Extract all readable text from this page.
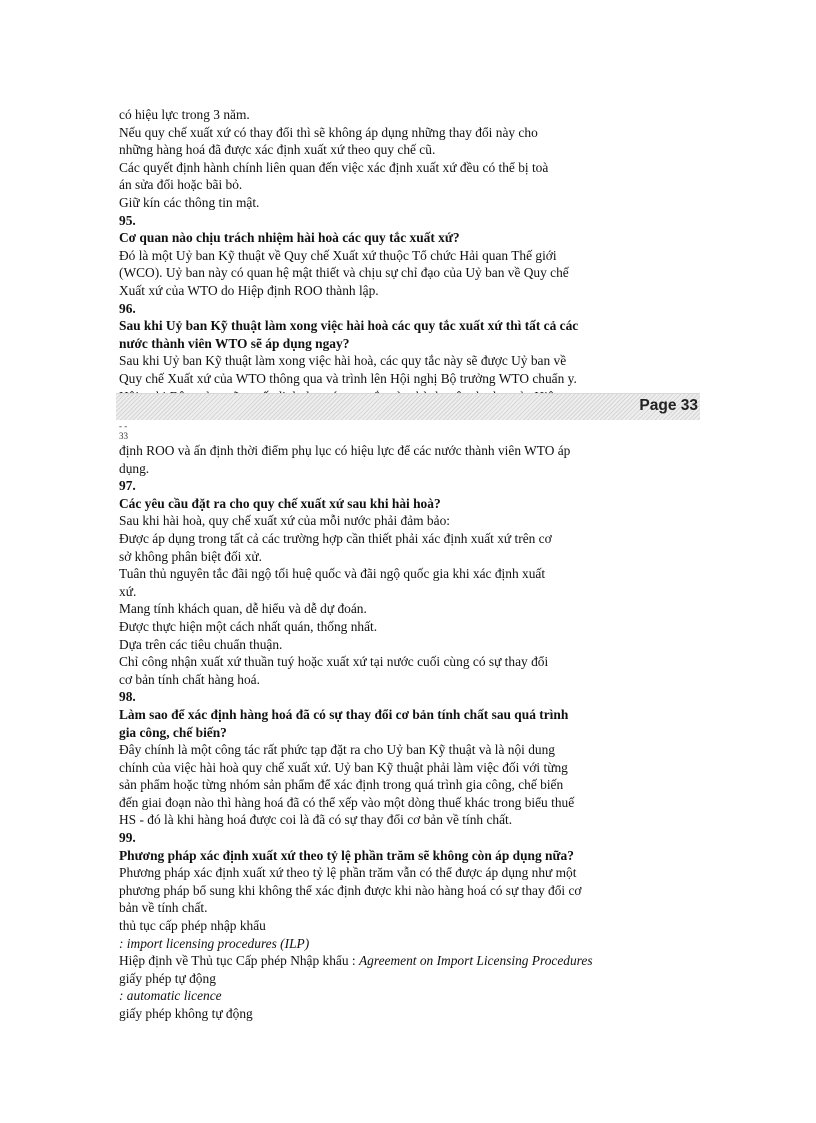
có hiệu lực trong 3 năm.
Nếu quy chế xuất xứ có thay đổi thì sẽ không áp dụng những thay đổi này cho
những hàng hoá đã được xác định xuất xứ theo quy chế cũ.
Các quyết định hành chính liên quan đến việc xác định xuất xứ đều có thể bị toà
án sửa đổi hoặc bãi bỏ.
Giữ kín các thông tin mật.
95.
Cơ quan nào chịu trách nhiệm hài hoà các quy tắc xuất xứ?
Đó là một Uỷ ban Kỹ thuật về Quy chế Xuất xứ thuộc Tổ chức Hải quan Thế giới
(WCO). Uỷ ban này có quan hệ mật thiết và chịu sự chỉ đạo của Uỷ ban về Quy chế
Xuất xứ của WTO do Hiệp định ROO thành lập.
96.
Sau khi Uỷ ban Kỹ thuật làm xong việc hài hoà các quy tắc xuất xứ thì tất cả các
nước thành viên WTO sẽ áp dụng ngay?
Sau khi Uỷ ban Kỹ thuật làm xong việc hài hoà, các quy tắc này sẽ được Uỷ ban về
Quy chế Xuất xứ của WTO thông qua và trình lên Hội nghị Bộ trưởng WTO chuẩn y.
Page 33
- -
33
định ROO và ấn định thời điểm phụ lục có hiệu lực để các nước thành viên WTO áp
dụng.
97.
Các yêu cầu đặt ra cho quy chế xuất xứ sau khi hài hoà?
Sau khi hài hoà, quy chế xuất xứ của mỗi nước phải đảm bảo:
Được áp dụng trong tất cả các trường hợp cần thiết phải xác định xuất xứ trên cơ
sở không phân biệt đối xử.
Tuân thủ nguyên tắc đãi ngộ tối huệ quốc và đãi ngộ quốc gia khi xác định xuất
xứ.
Mang tính khách quan, dễ hiểu và dễ dự đoán.
Được thực hiện một cách nhất quán, thống nhất.
Dựa trên các tiêu chuẩn thuận.
Chỉ công nhận xuất xứ thuần tuý hoặc xuất xứ tại nước cuối cùng có sự thay đổi
cơ bản tính chất hàng hoá.
98.
Làm sao để xác định hàng hoá đã có sự thay đổi cơ bản tính chất sau quá trình
gia công, chế biến?
Đây chính là một công tác rất phức tạp đặt ra cho Uỷ ban Kỹ thuật và là nội dung
chính của việc hài hoà quy chế xuất xứ. Uỷ ban Kỹ thuật phải làm việc đối với từng
sản phẩm hoặc từng nhóm sản phẩm để xác định trong quá trình gia công, chế biến
đến giai đoạn nào thì hàng hoá đã có thể xếp vào một dòng thuế khác trong biểu thuế
HS - đó là khi hàng hoá được coi là đã có sự thay đổi cơ bản về tính chất.
99.
Phương pháp xác định xuất xứ theo tỷ lệ phần trăm sẽ không còn áp dụng nữa?
Phương pháp xác định xuất xứ theo tỷ lệ phần trăm vẫn có thể được áp dụng như một
phương pháp bổ sung khi không thể xác định được khi nào hàng hoá có sự thay đổi cơ
bản về tính chất.
thủ tục cấp phép nhập khẩu
: import licensing procedures (ILP)
Hiệp định về Thủ tục Cấp phép Nhập khẩu : Agreement on Import Licensing Procedures
giấy phép tự động
: automatic licence
giấy phép không tự động
